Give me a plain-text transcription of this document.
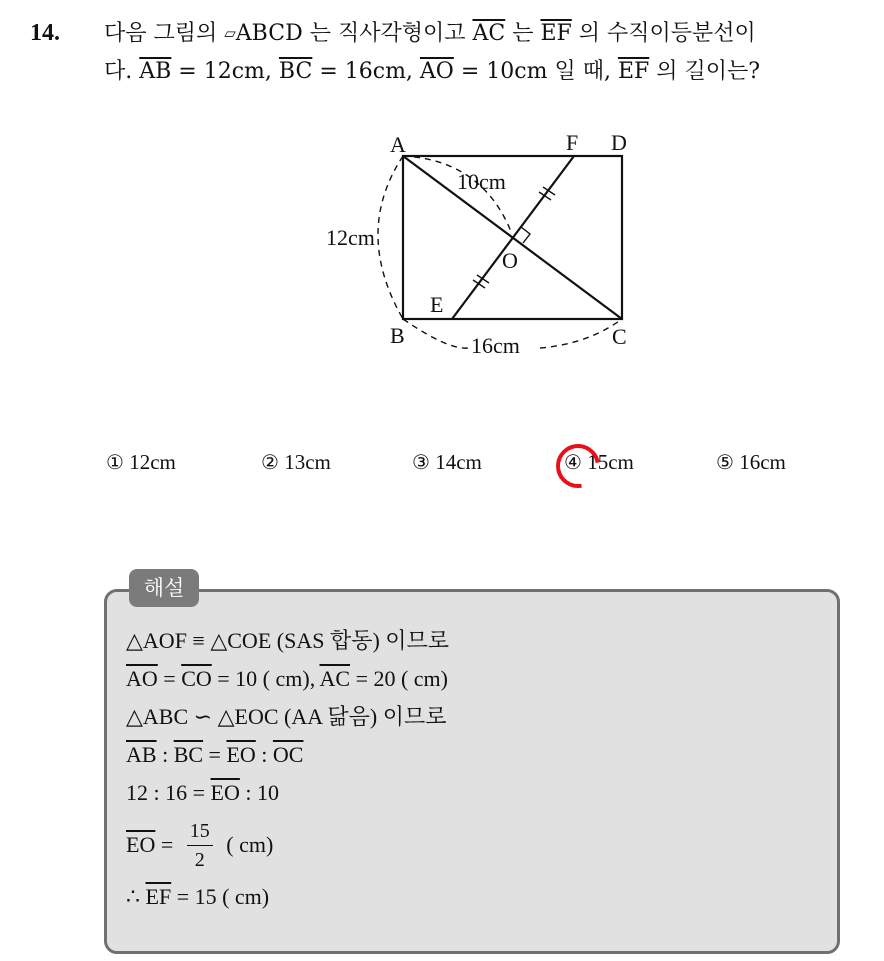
14. 다음 그림의 ▱ABCD 는 직사각형이고 $\overline{AC}$ 는 $\overline{EF}$ 의 수직이등분선이
다. $\overline{AB} = 12cm$, $\overline{BC} = 16cm$, $\overline{AO} = 10cm$ 일 때, $\overline{EF}$ 의 길이는?
A	F D
O
E
B	C
10cm
12cm
16cm
① 12cm	② 13cm	③ 14cm	④ 15cm	⑤ 16cm
해설
△AOF ≡ △COE (SAS 합동) 이므로
$\overline{AO} = \overline{CO} = 10$ ( cm), $\overline{AC} = 20$ ( cm)
△ABC ∽ △EOC (AA 닮음) 이므로
$\overline{AB}$ : $\overline{BC} = \overline{EO}$ : $\overline{OC}$
12 : $16 = \overline{EO}$ : 10
$\overline{EO} = \frac{15}{2}$ ( cm)
∴ $\overline{EF} = 15$ ( cm)
